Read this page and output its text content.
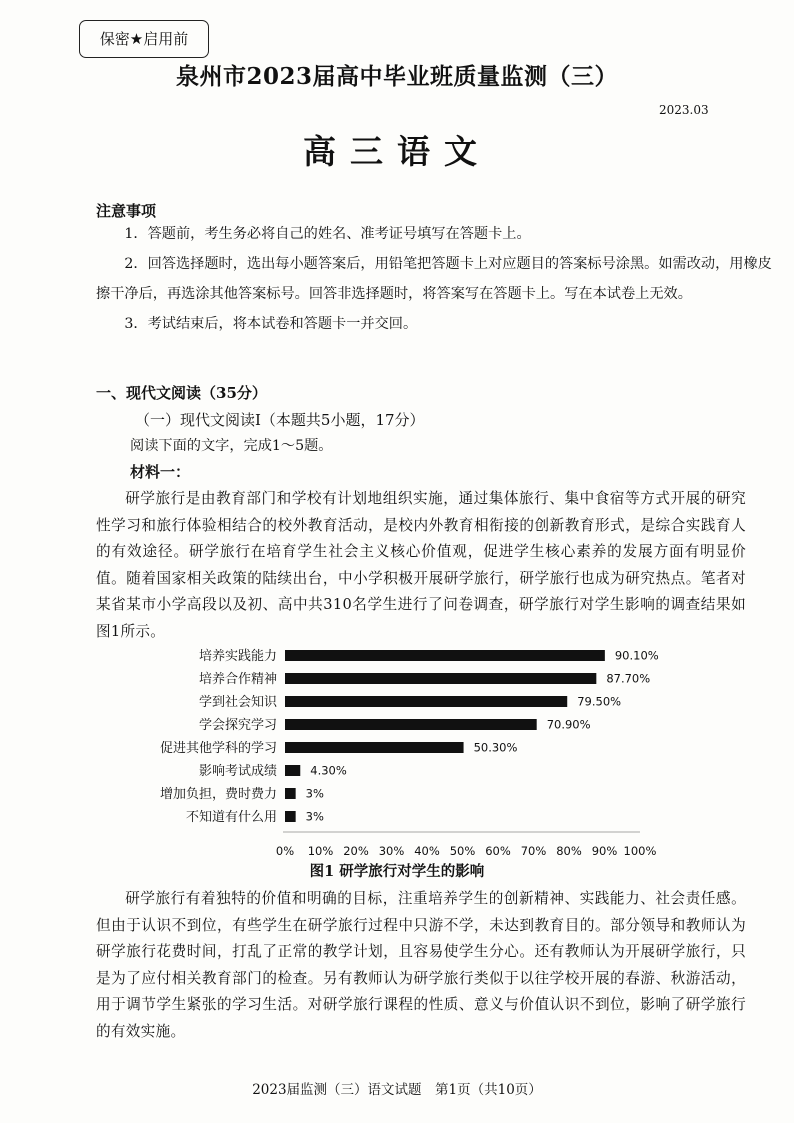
保密★启用前
泉州市2023届高中毕业班质量监测（三）
2023.03
高三语文
注意事项
1．答题前，考生务必将自己的姓名、准考证号填写在答题卡上。
2．回答选择题时，选出每小题答案后，用铅笔把答题卡上对应题目的答案标号涂黑。如需改动，用橡皮擦干净后，再选涂其他答案标号。回答非选择题时，将答案写在答题卡上。写在本试卷上无效。
3．考试结束后，将本试卷和答题卡一并交回。
一、现代文阅读（35分）
（一）现代文阅读Ⅰ（本题共5小题，17分）
阅读下面的文字，完成1～5题。
材料一：
研学旅行是由教育部门和学校有计划地组织实施，通过集体旅行、集中食宿等方式开展的研究性学习和旅行体验相结合的校外教育活动，是校内外教育相衔接的创新教育形式，是综合实践育人的有效途径。研学旅行在培育学生社会主义核心价值观，促进学生核心素养的发展方面有明显价值。随着国家相关政策的陆续出台，中小学积极开展研学旅行，研学旅行也成为研究热点。笔者对某省某市小学高段以及初、高中共310名学生进行了问卷调查，研学旅行对学生影响的调查结果如图1所示。
培养实践能力	90.10%
培养合作精神	87.70%
学到社会知识	79.50%
学会探究学习	70.90%
促进其他学科的学习	50.30%
影响考试成绩	4.30%
增加负担，费时费力 3%
不知道有什么用 3%
0% 10% 20% 30% 40% 50% 60% 70% 80% 90% 100%
图1 研学旅行对学生的影响
研学旅行有着独特的价值和明确的目标，注重培养学生的创新精神、实践能力、社会责任感。但由于认识不到位，有些学生在研学旅行过程中只游不学，未达到教育目的。部分领导和教师认为研学旅行花费时间，打乱了正常的教学计划，且容易使学生分心。还有教师认为开展研学旅行，只是为了应付相关教育部门的检查。另有教师认为研学旅行类似于以往学校开展的春游、秋游活动，用于调节学生紧张的学习生活。对研学旅行课程的性质、意义与价值认识不到位，影响了研学旅行的有效实施。
2023届监测（三）语文试题　第1页（共10页）
